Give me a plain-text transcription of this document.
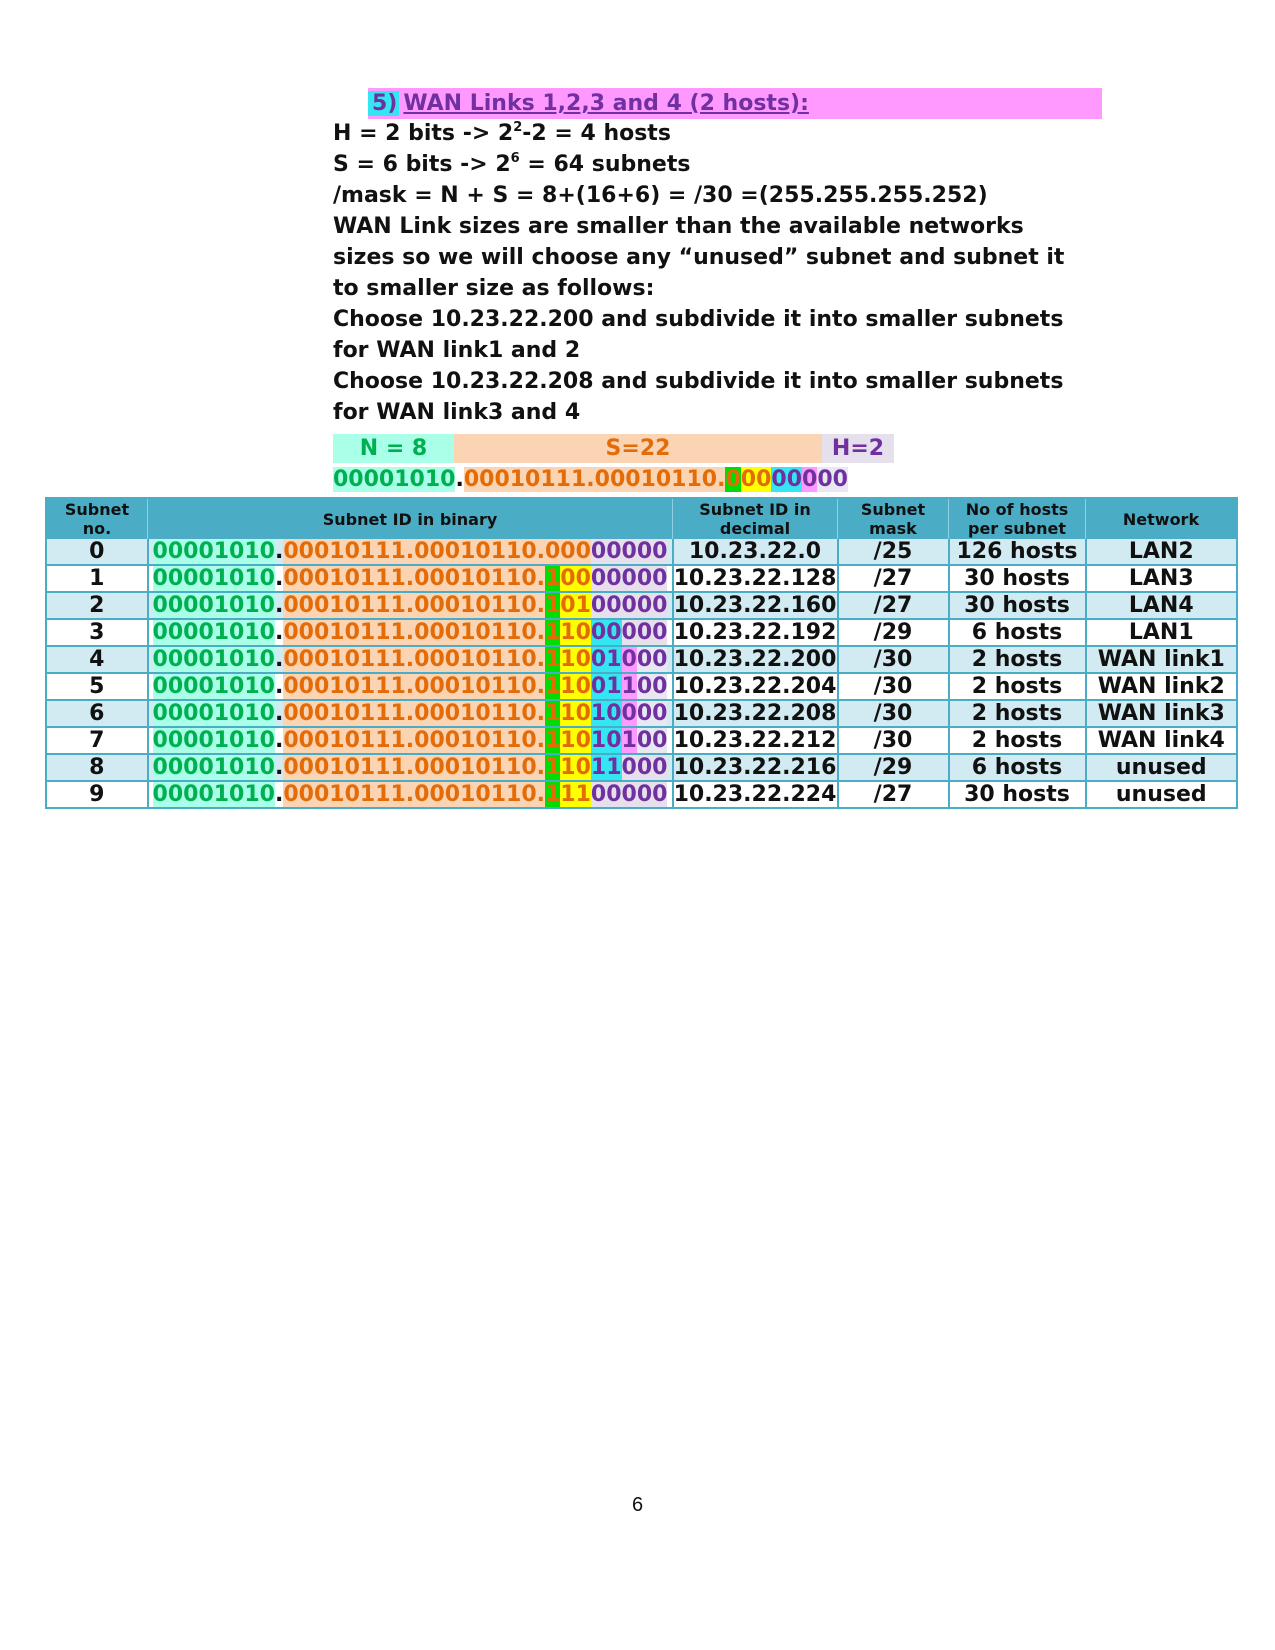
5) WAN Links 1,2,3 and 4 (2 hosts):
H = 2 bits -> $2^2-2 = 4$ hosts
S = 6 bits -> $2^6 = 64$ subnets
/mask = N + S = 8+(16+6) = /30 =(255.255.255.252)
WAN Link sizes are smaller than the available networks
sizes so we will choose any “unused” subnet and subnet it
to smaller size as follows:
Choose 10.23.22.200 and subdivide it into smaller subnets
for WAN link1 and 2
Choose 10.23.22.208 and subdivide it into smaller subnets
for WAN link3 and 4
N = 8	S=22	H=2
00001010.00010111.00010110.00000000
Subnet no.	Subnet ID in binary	Subnet ID in decimal	Subnet mask	No of hosts per subnet	Network
0	00001010.00010111.00010110.00000000	10.23.22.0	/25	126 hosts	LAN2
1	00001010.00010111.00010110.10000000	10.23.22.128	/27	30 hosts	LAN3
2	00001010.00010111.00010110.10100000	10.23.22.160	/27	30 hosts	LAN4
3	00001010.00010111.00010110.11000000	10.23.22.192	/29	6 hosts	LAN1
4	00001010.00010111.00010110.11001000	10.23.22.200	/30	2 hosts	WAN link1
5	00001010.00010111.00010110.11001100	10.23.22.204	/30	2 hosts	WAN link2
6	00001010.00010111.00010110.11010000	10.23.22.208	/30	2 hosts	WAN link3
7	00001010.00010111.00010110.11010100	10.23.22.212	/30	2 hosts	WAN link4
8	00001010.00010111.00010110.11011000	10.23.22.216	/29	6 hosts	unused
9	00001010.00010111.00010110.11100000	10.23.22.224	/27	30 hosts	unused
6
